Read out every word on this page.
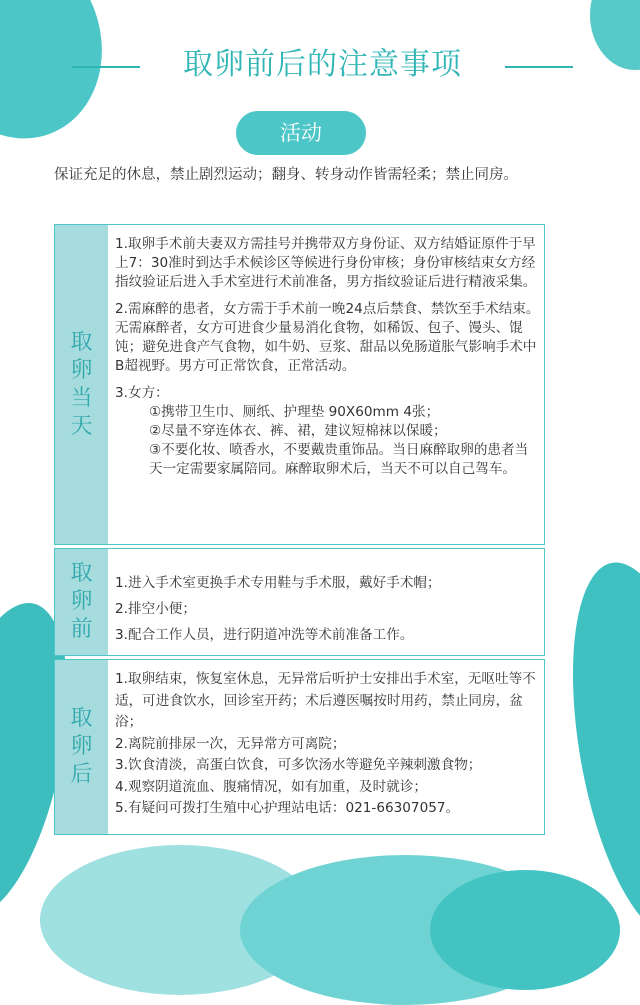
取卵前后的注意事项
活动
保证充足的休息，禁止剧烈运动；翻身、转身动作皆需轻柔；禁止同房。
取卵当天

1.取卵手术前夫妻双方需挂号并携带双方身份证、双方结婚证原件于早上7：30准时到达手术候诊区等候进行身份审核；身份审核结束女方经指纹验证后进入手术室进行术前准备，男方指纹验证后进行精液采集。

2.需麻醉的患者，女方需于手术前一晚24点后禁食、禁饮至手术结束。无需麻醉者，女方可进食少量易消化食物，如稀饭、包子、馒头、馄饨；避免进食产气食物，如牛奶、豆浆、甜品以免肠道胀气影响手术中B超视野。男方可正常饮食，正常活动。

3.女方：

①携带卫生巾、厕纸、护理垫 90X60mm 4张；

②尽量不穿连体衣、裤、裙，建议短棉袜以保暖；

③不要化妆、喷香水，不要戴贵重饰品。当日麻醉取卵的患者当天一定需要家属陪同。麻醉取卵术后，当天不可以自己驾车。

取卵前

1.进入手术室更换手术专用鞋与手术服，戴好手术帽；

2.排空小便；

3.配合工作人员，进行阴道冲洗等术前准备工作。

取卵后

1.取卵结束，恢复室休息，无异常后听护士安排出手术室，无呕吐等不适，可进食饮水，回诊室开药；术后遵医嘱按时用药，禁止同房，盆浴；

2.离院前排尿一次，无异常方可离院；

3.饮食清淡，高蛋白饮食，可多饮汤水等避免辛辣刺激食物；

4.观察阴道流血、腹痛情况，如有加重，及时就诊；

5.有疑问可拨打生殖中心护理站电话：021-66307057。
